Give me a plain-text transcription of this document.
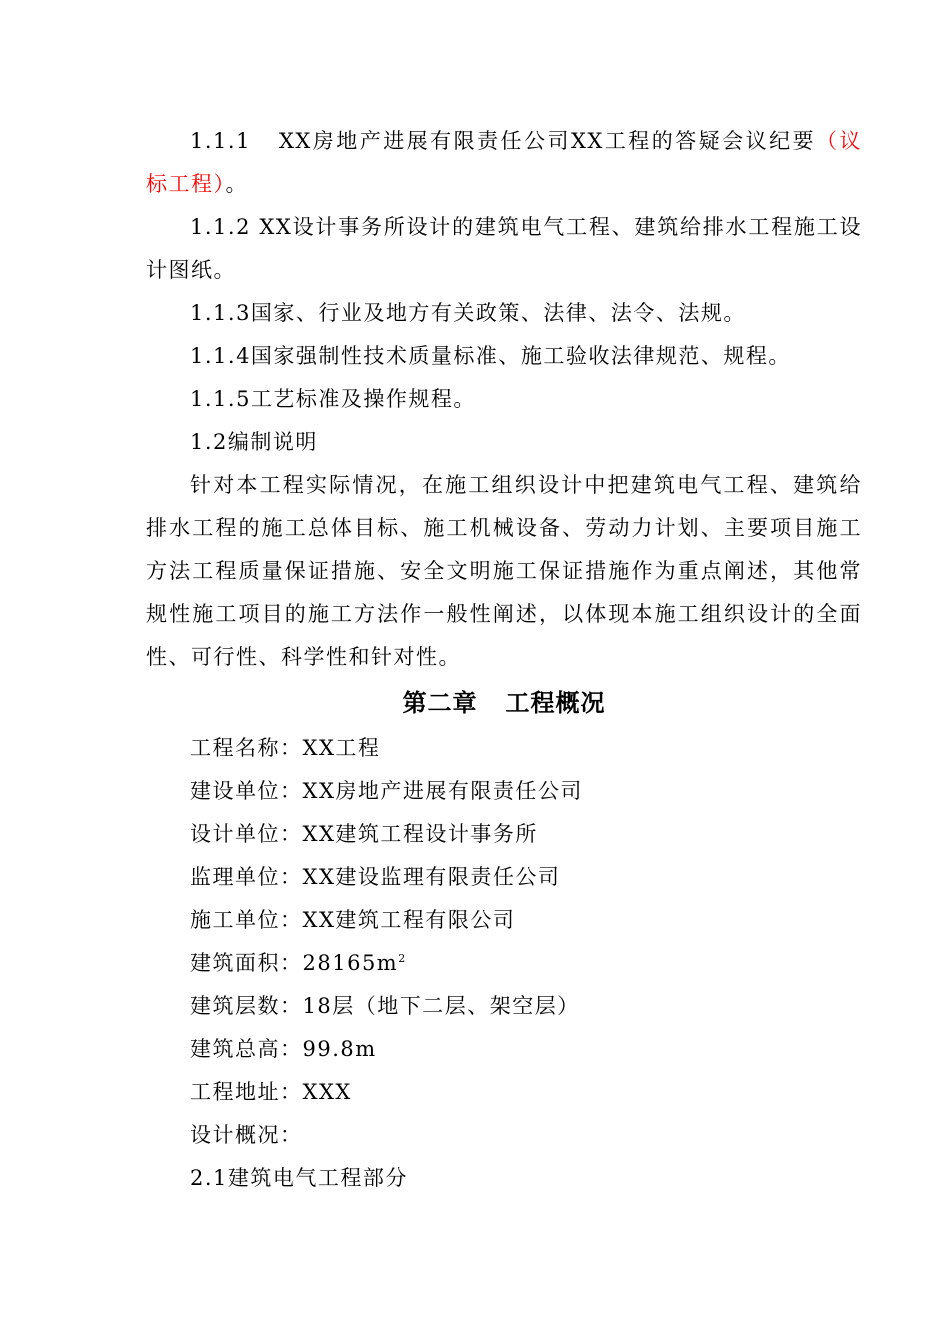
1.1.1 XX房地产进展有限责任公司XX工程的答疑会议纪要（议标工程）。

1.1.2 XX设计事务所设计的建筑电气工程、建筑给排水工程施工设计图纸。

1.1.3国家、行业及地方有关政策、法律、法令、法规。

1.1.4国家强制性技术质量标准、施工验收法律规范、规程。

1.1.5工艺标准及操作规程。

1.2编制说明

针对本工程实际情况，在施工组织设计中把建筑电气工程、建筑给排水工程的施工总体目标、施工机械设备、劳动力计划、主要项目施工方法工程质量保证措施、安全文明施工保证措施作为重点阐述，其他常规性施工项目的施工方法作一般性阐述，以体现本施工组织设计的全面性、可行性、科学性和针对性。

第二章 工程概况

工程名称：XX工程

建设单位：XX房地产进展有限责任公司

设计单位：XX建筑工程设计事务所

监理单位：XX建设监理有限责任公司

施工单位：XX建筑工程有限公司

建筑面积：$28165m^2$

建筑层数：18层（地下二层、架空层）

建筑总高：99.8m

工程地址：XXX

设计概况：

2.1建筑电气工程部分
